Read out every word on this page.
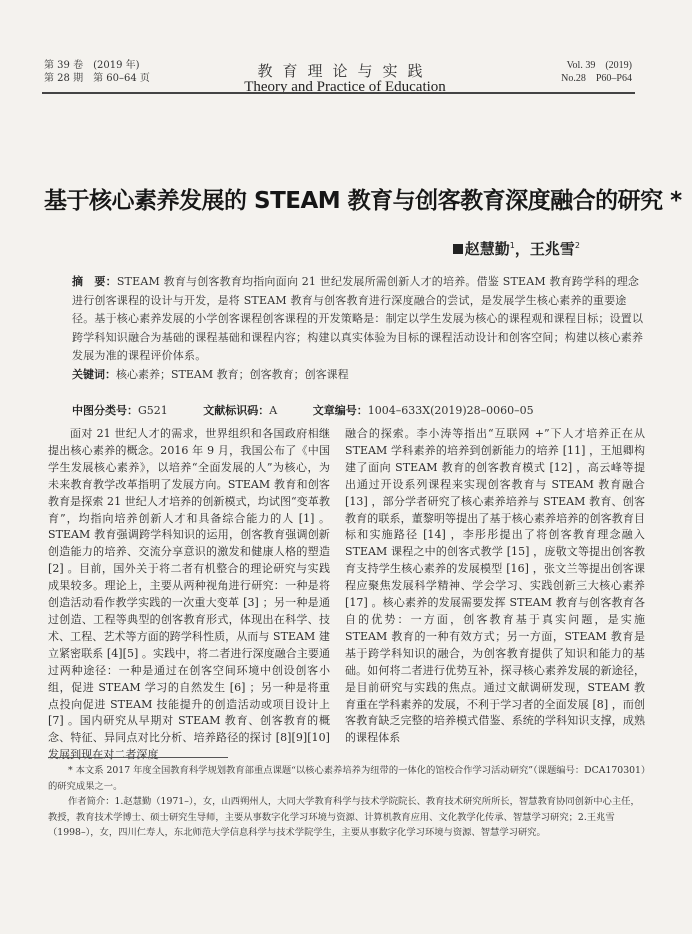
第 39 卷　(2019 年)
第 28 期　第 60–64 页	教育理论与实践
Theory and Practice of Education
Vol. 39　(2019)
No.28　P60–P64
基于核心素养发展的 STEAM 教育与创客教育深度融合的研究 *
赵慧勤$^1$，王兆雪$^2$
摘　要：STEAM 教育与创客教育均指向面向 21 世纪发展所需创新人才的培养。借鉴 STEAM 教育跨学科的理念进行创客课程的设计与开发，是将 STEAM 教育与创客教育进行深度融合的尝试，是发展学生核心素养的重要途径。基于核心素养发展的小学创客课程创客课程的开发策略是：制定以学生发展为核心的课程观和课程目标；设置以跨学科知识融合为基础的课程基础和课程内容；构建以真实体验为目标的课程活动设计和创客空间；构建以核心素养发展为准的课程评价体系。
关键词：核心素养；STEAM 教育；创客教育；创客课程
中图分类号：G521	文献标识码：A	文章编号：1004–633X(2019)28–0060–05

面对 21 世纪人才的需求，世界组织和各国政府相继提出核心素养的概念。2016 年 9 月，我国公布了《中国学生发展核心素养》，以培养“全面发展的人”为核心，为未来教育教学改革指明了发展方向。STEAM 教育和创客教育是探索 21 世纪人才培养的创新模式，均试图“变革教育”，均指向培养创新人才和具备综合能力的人 [1] 。STEAM 教育强调跨学科知识的运用，创客教育强调创新创造能力的培养、交流分享意识的激发和健康人格的塑造 [2] 。目前，国外关于将二者有机整合的理论研究与实践成果较多。理论上，主要从两种视角进行研究：一种是将创造活动看作教学实践的一次重大变革 [3] ；另一种是通过创造、工程等典型的创客教育形式，体现出在科学、技术、工程、艺术等方面的跨学科性质，从而与 STEAM 建立紧密联系 [4][5] 。实践中，将二者进行深度融合主要通过两种途径：一种是通过在创客空间环境中创设创客小组，促进 STEAM 学习的自然发生 [6] ；另一种是将重点投向促进 STEAM 技能提升的创造活动或项目设计上 [7] 。国内研究从早期对 STEAM 教育、创客教育的概念、特征、异同点对比分析、培养路径的探讨 [8][9][10] 发展到现在对二者深度

融合的探索。李小涛等指出“互联网 +”下人才培养正在从 STEAM 学科素养的培养到创新能力的培养 [11] ，王旭卿构建了面向 STEAM 教育的创客教育模式 [12] ，高云峰等提出通过开设系列课程来实现创客教育与 STEAM 教育融合 [13] ，部分学者研究了核心素养培养与 STEAM 教育、创客教育的联系，董黎明等提出了基于核心素养培养的创客教育目标和实施路径 [14] ，李彤彤提出了将创客教育理念融入 STEAM 课程之中的创客式教学 [15] ，庞敬文等提出创客教育支持学生核心素养的发展模型 [16] ，张文兰等提出创客课程应聚焦发展科学精神、学会学习、实践创新三大核心素养 [17] 。核心素养的发展需要发挥 STEAM 教育与创客教育各自的优势：一方面，创客教育基于真实问题，是实施 STEAM 教育的一种有效方式；另一方面，STEAM 教育是基于跨学科知识的融合，为创客教育提供了知识和能力的基础。如何将二者进行优势互补，探寻核心素养发展的新途径，是目前研究与实践的焦点。通过文献调研发现，STEAM 教育重在学科素养的发展，不利于学习者的全面发展 [8] ，而创客教育缺乏完整的培养模式借鉴、系统的学科知识支撑，成熟的课程体系

* 本文系 2017 年度全国教育科学规划教育部重点课题“以核心素养培养为纽带的一体化的馆校合作学习活动研究”（课题编号：DCA170301）的研究成果之一。

作者简介：1.赵慧勤（1971–），女，山西朔州人，大同大学教育科学与技术学院院长、教育技术研究所所长，智慧教育协同创新中心主任，教授，教育技术学博士、硕士研究生导师，主要从事数字化学习环境与资源、计算机教育应用、文化教学化传承、智慧学习研究；2.王兆雪（1998–），女，四川仁寿人，东北师范大学信息科学与技术学院学生，主要从事数字化学习环境与资源、智慧学习研究。
